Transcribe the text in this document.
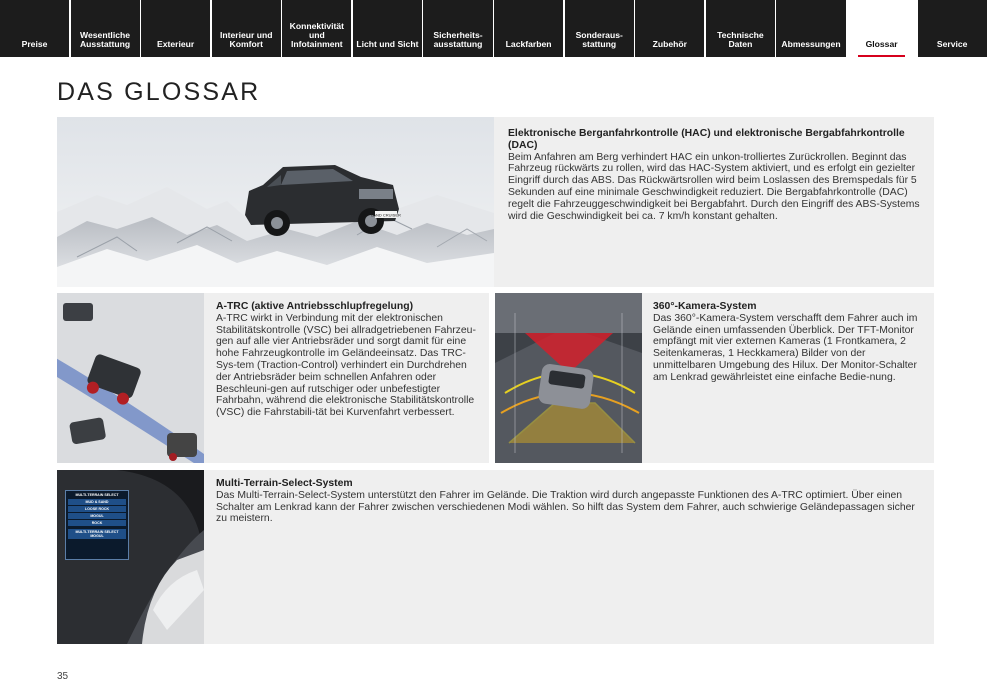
Preise
Wesentliche
Ausstattung	Exterieur
Interieur und
Komfort
Konnektivität
und
Infotainment	Licht und Sicht
Sicherheits-
ausstattung	Lackfarben
Sonderaus-
stattung	Zubehör
Technische
Daten	Abmessungen	Glossar	Service
DAS GLOSSAR
LAND CRUISER
Elektronische Berganfahrkontrolle (HAC) und elektronische Bergabfahrkontrolle (DAC)
Beim Anfahren am Berg verhindert HAC ein unkon-trolliertes Zurückrollen. Beginnt das Fahrzeug rückwärts zu rollen, wird das HAC-System aktiviert, und es erfolgt ein gezielter Eingriff durch das ABS. Das Rückwärtsrollen wird beim Loslassen des Bremspedals für 5 Sekunden auf eine minimale Geschwindigkeit reduziert. Die Bergabfahrkontrolle (DAC) regelt die Fahrzeuggeschwindigkeit bei Bergabfahrt. Durch den Eingriff des ABS-Systems wird die Geschwindigkeit bei ca. 7 km/h konstant gehalten.
A-TRC (aktive Antriebsschlupfregelung)
A-TRC wirkt in Verbindung mit der elektronischen Stabilitätskontrolle (VSC) bei allradgetriebenen Fahrzeu-gen auf alle vier Antriebsräder und sorgt damit für eine hohe Fahrzeugkontrolle im Geländeeinsatz. Das TRC-Sys-tem (Traction-Control) verhindert ein Durchdrehen der Antriebsräder beim schnellen Anfahren oder Beschleuni-gen auf rutschiger oder unbefestigter Fahrbahn, während die elektronische Stabilitätskontrolle (VSC) die Fahrstabili-tät bei Kurvenfahrt verbessert.
360°-Kamera-System
Das 360°-Kamera-System verschafft dem Fahrer auch im Gelände einen umfassenden Überblick. Der TFT-Monitor empfängt mit vier externen Kameras (1 Frontkamera, 2 Seitenkameras, 1 Heckkamera) Bilder von der unmittelbaren Umgebung des Hilux. Der Monitor-Schalter am Lenkrad gewährleistet eine einfache Bedie-nung.
MULTI-TERRAIN SELECT
MUD & SAND
LOOSE ROCK
MOGUL
ROCK
MULTI-TERRAIN SELECT
MOGUL
Multi-Terrain-Select-System
Das Multi-Terrain-Select-System unterstützt den Fahrer im Gelände. Die Traktion wird durch angepasste Funktionen des A-TRC optimiert. Über einen Schalter am Lenkrad kann der Fahrer zwischen verschiedenen Modi wählen. So hilft das System dem Fahrer, auch schwierige Geländepassagen sicher zu meistern.
35
